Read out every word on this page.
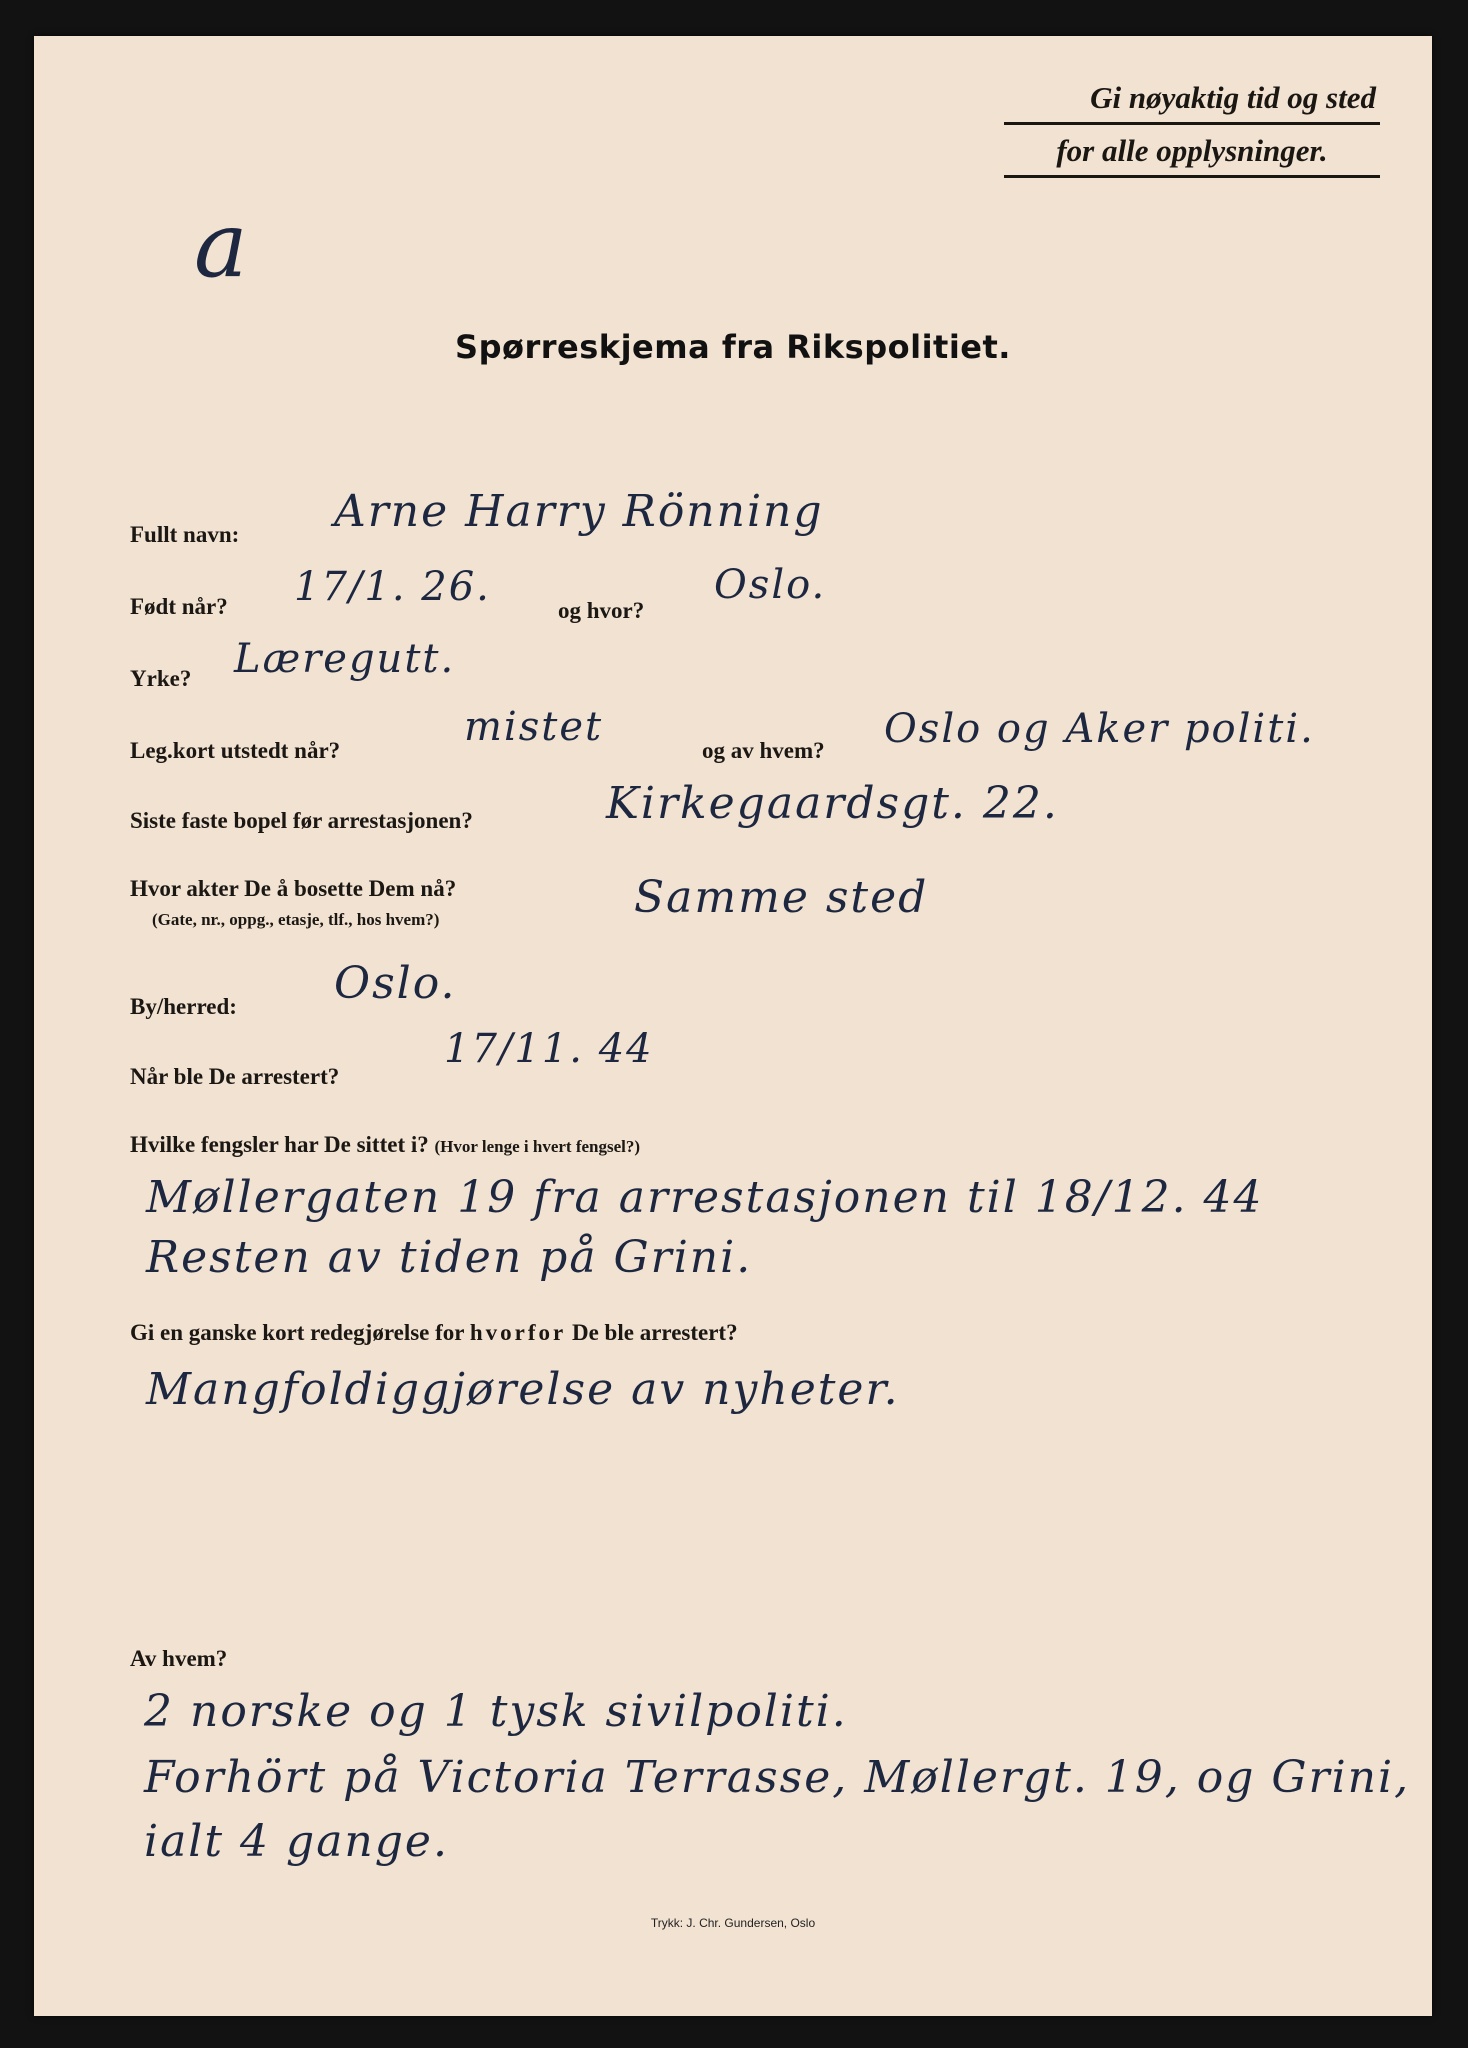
Gi nøyaktig tid og sted
for alle opplysninger.
a
Spørreskjema fra Rikspolitiet.
Fullt navn: Arne Harry Rönning
Født når? 17/1. 26.
og hvor?
Oslo.
Yrke? Læregutt.
Leg.kort utstedt når?
mistet
og av hvem? Oslo og Aker politi.
Siste faste bopel før arrestasjonen?	Kirkegaardsgt. 22.
Hvor akter De å bosette Dem nå?
(Gate, nr., oppg., etasje, tlf., hos hvem?)	Samme sted
By/herred: Oslo.
Når ble De arrestert?
17/11. 44
Hvilke fengsler har De sittet i? (Hvor lenge i hvert fengsel?)
Møllergaten 19 fra arrestasjonen til 18/12. 44
Resten av tiden på Grini.
Gi en ganske kort redegjørelse for hvorfor De ble arrestert?
Mangfoldiggjørelse av nyheter.
Av hvem?
2 norske og 1 tysk sivilpoliti.
Forhört på Victoria Terrasse, Møllergt. 19, og Grini,
ialt 4 gange.
Trykk: J. Chr. Gundersen, Oslo
